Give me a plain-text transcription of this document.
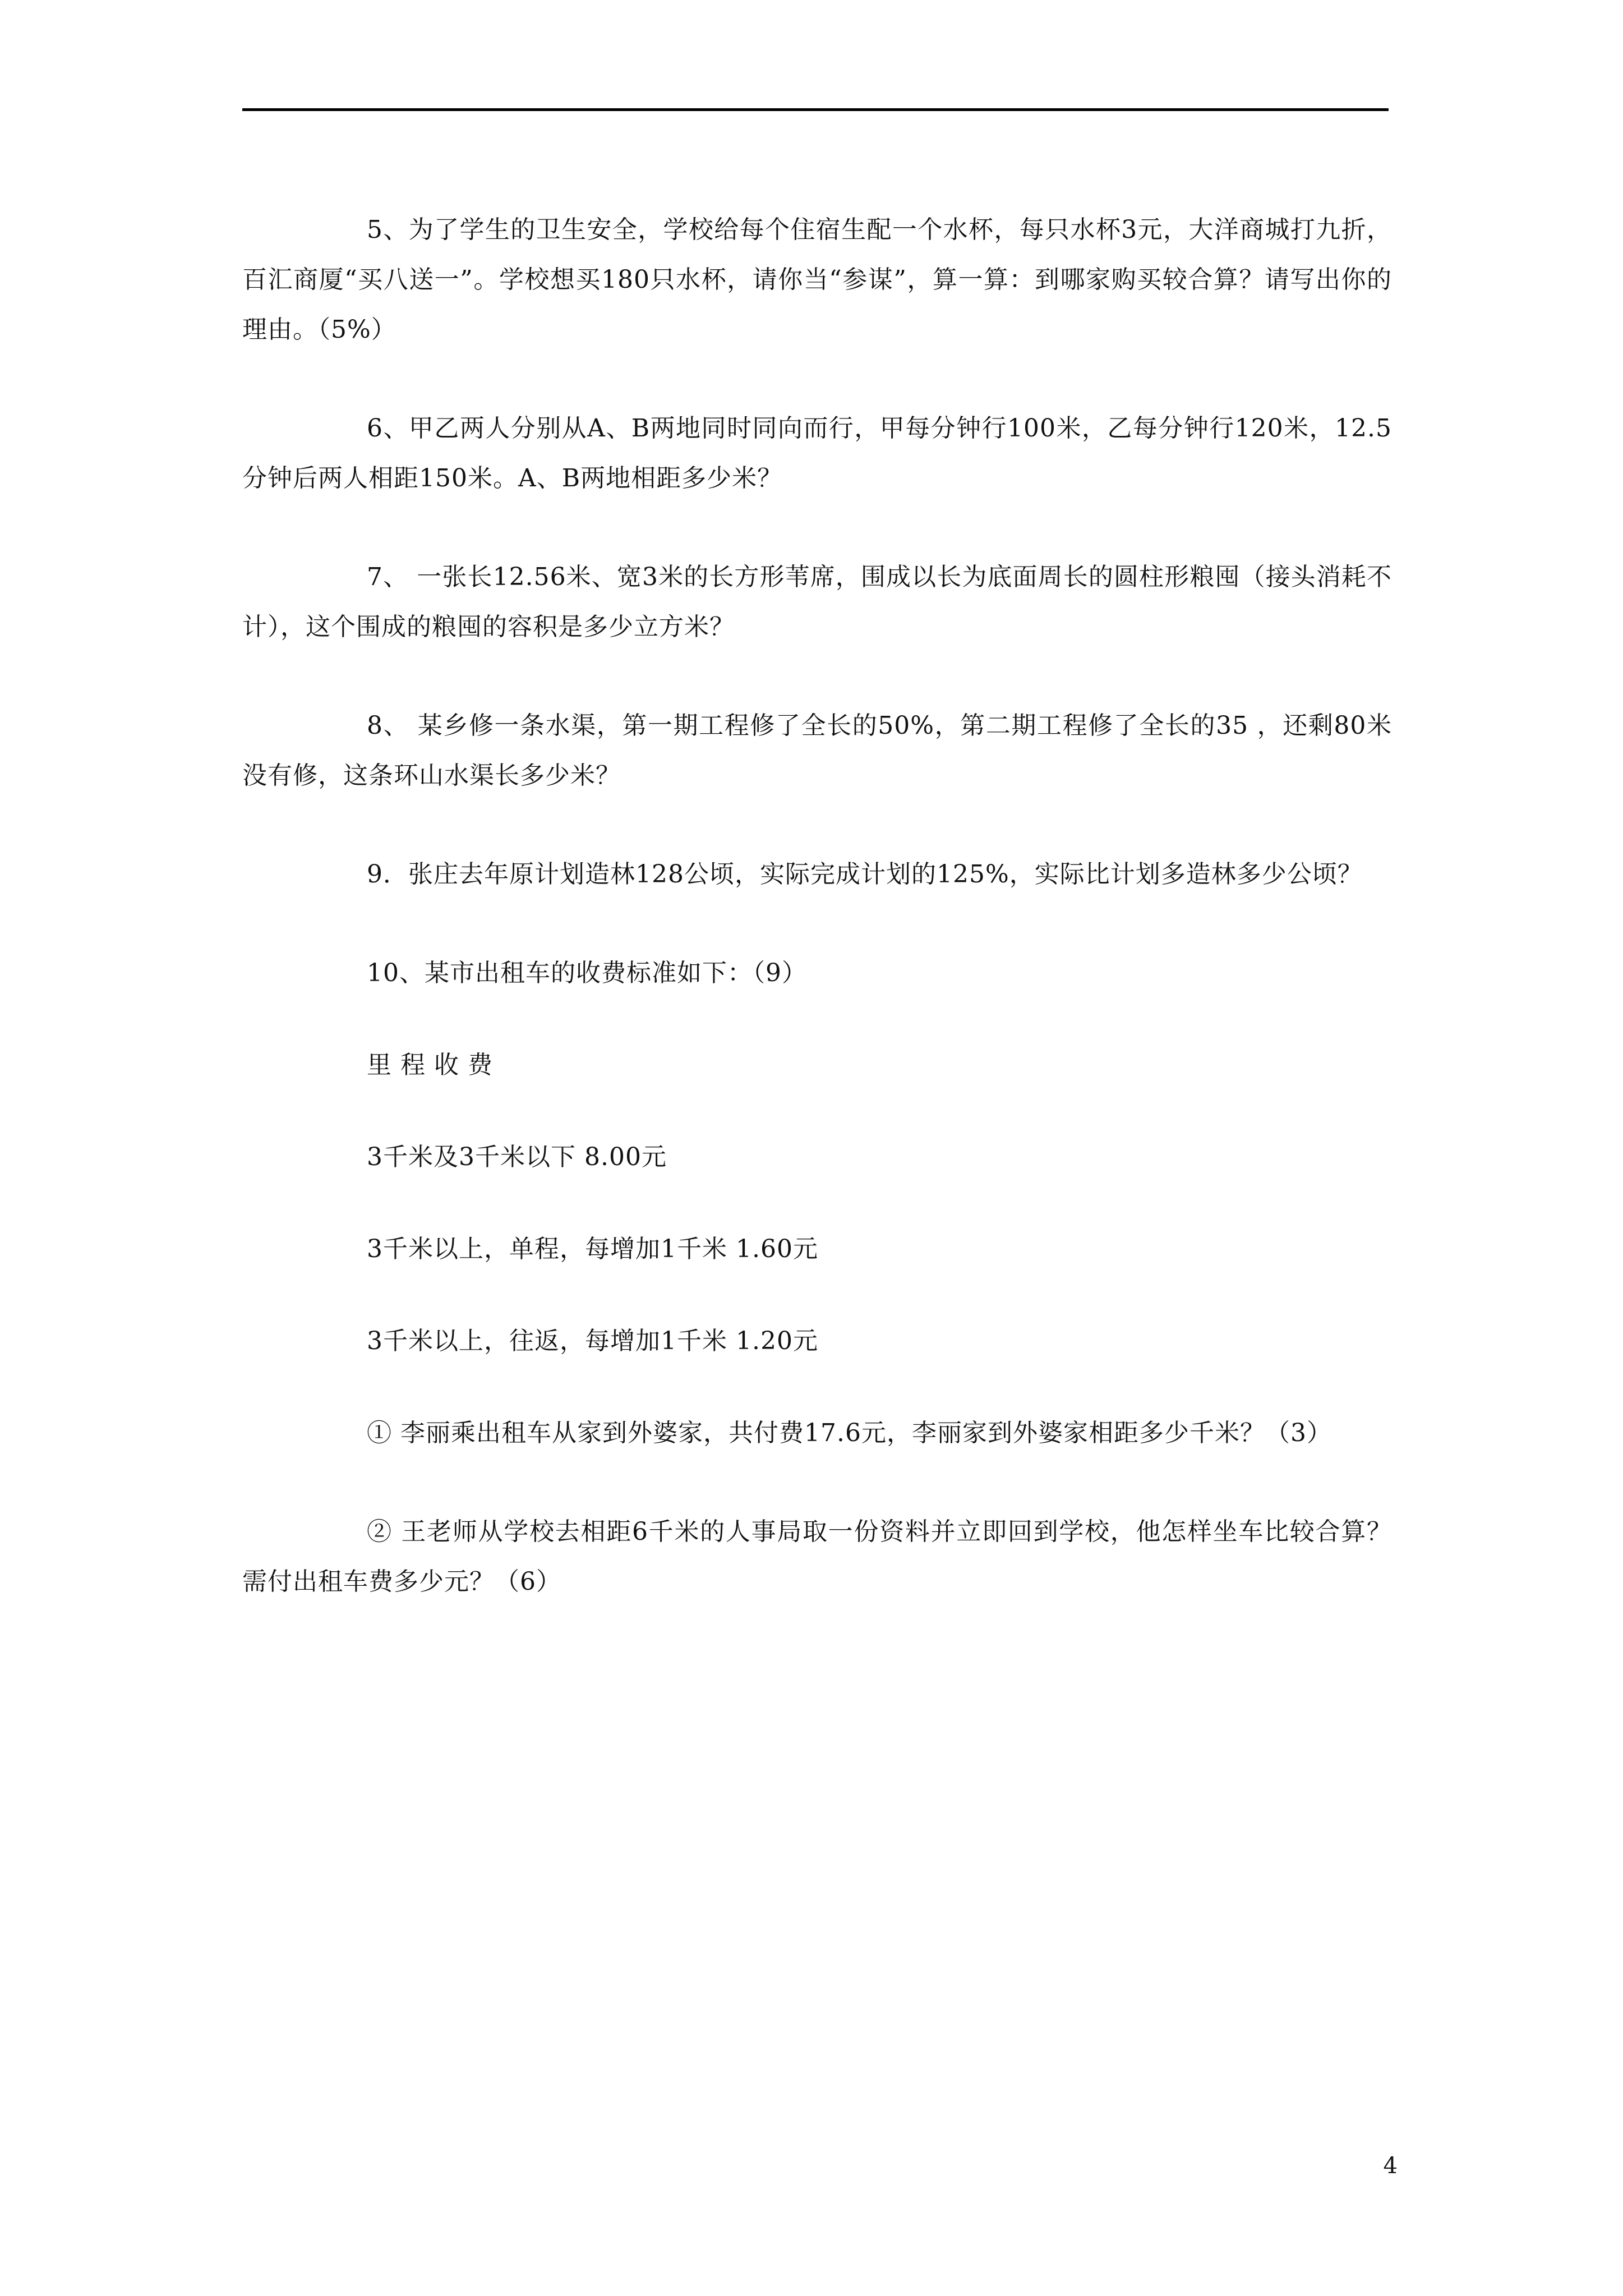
5、为了学生的卫生安全，学校给每个住宿生配一个水杯，每只水杯3元，大洋商城打九折，百汇商厦“买八送一”。学校想买180只水杯，请你当“参谋”，算一算：到哪家购买较合算？请写出你的理由。（5%）

6、甲乙两人分别从A、B两地同时同向而行，甲每分钟行100米，乙每分钟行120米，12.5分钟后两人相距150米。A、B两地相距多少米？

7、 一张长12.56米、宽3米的长方形苇席，围成以长为底面周长的圆柱形粮囤（接头消耗不计），这个围成的粮囤的容积是多少立方米？

8、 某乡修一条水渠，第一期工程修了全长的50%，第二期工程修了全长的35 ，还剩80米没有修，这条环山水渠长多少米？

9．张庄去年原计划造林128公顷，实际完成计划的125%，实际比计划多造林多少公顷？

10、某市出租车的收费标准如下：（9）

里 程 收 费

3千米及3千米以下 8.00元

3千米以上，单程，每增加1千米 1.60元

3千米以上，往返，每增加1千米 1.20元

① 李丽乘出租车从家到外婆家，共付费17.6元，李丽家到外婆家相距多少千米？（3）

② 王老师从学校去相距6千米的人事局取一份资料并立即回到学校，他怎样坐车比较合算？需付出租车费多少元？（6）

4
